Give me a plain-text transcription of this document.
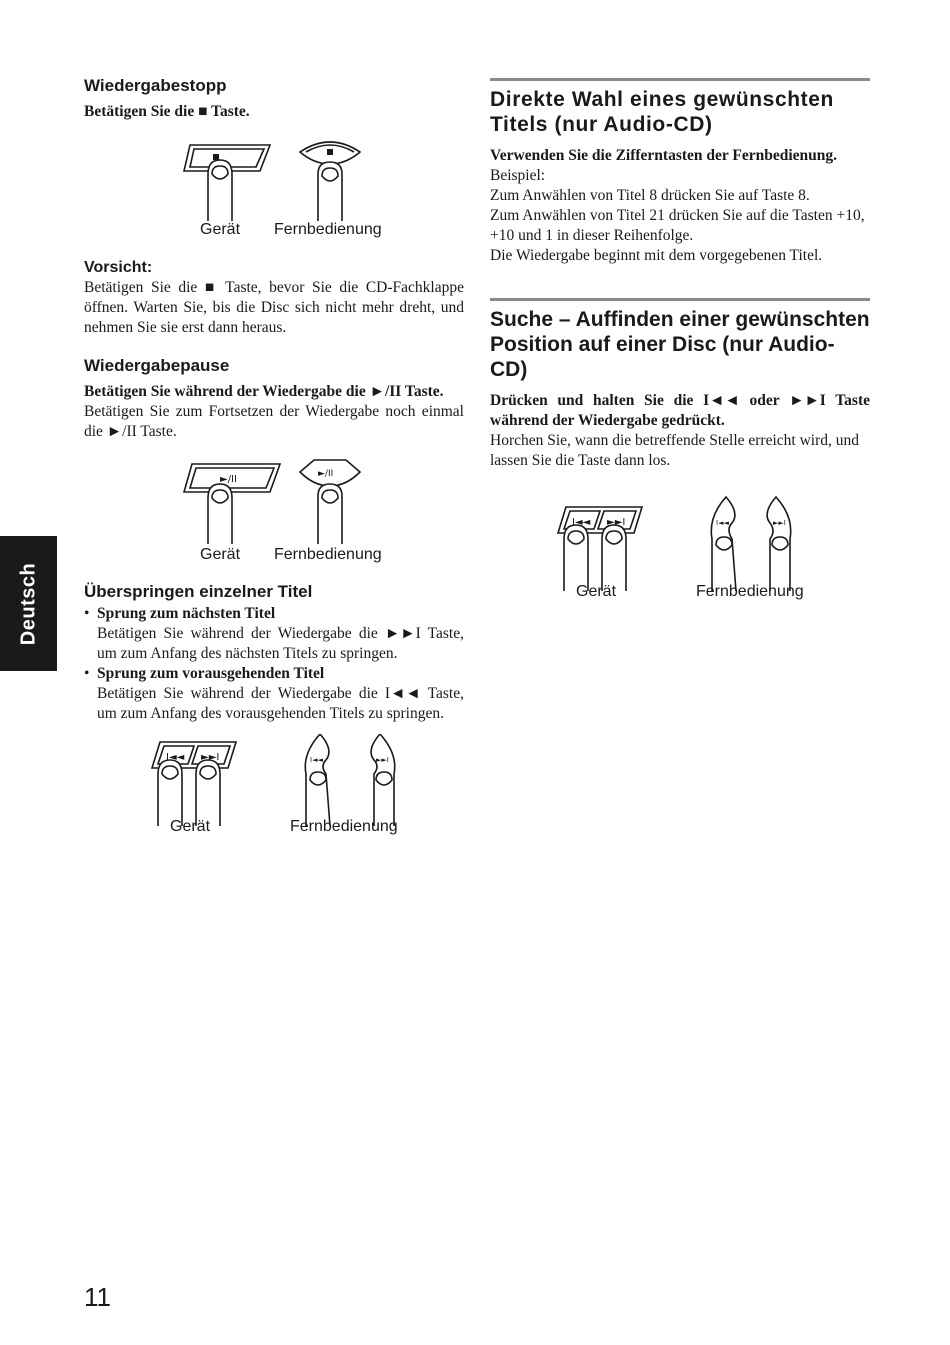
Wiedergabestopp

Betätigen Sie die ■ Taste.

Gerät Fernbedienung
Vorsicht:

Betätigen Sie die ■ Taste, bevor Sie die CD-Fachklappe öffnen. Warten Sie, bis die Disc sich nicht mehr dreht, und nehmen Sie sie erst dann heraus.

Wiedergabepause

Betätigen Sie während der Wiedergabe die ►/II Taste.

Betätigen Sie zum Fortsetzen der Wiedergabe noch einmal die ►/II Taste.

►/II	►/II
Gerät Fernbedienung
Überspringen einzelner Titel
• Sprung zum nächsten Titel

Betätigen Sie während der Wiedergabe die ►►I Taste, um zum Anfang des nächsten Titels zu springen.

• Sprung zum vorausgehenden Titel

Betätigen Sie während der Wiedergabe die I◄◄ Taste, um zum Anfang des vorausgehenden Titels zu springen.

I◄◄ ►►I	I◄◄	►►I
Gerät	Fernbedienung
Direkte Wahl eines gewünschten Titels (nur Audio-CD)

Verwenden Sie die Zifferntasten der Fernbedienung.

Beispiel:

Zum Anwählen von Titel 8 drücken Sie auf Taste 8.

Zum Anwählen von Titel 21 drücken Sie auf die Tasten +10, +10 und 1 in dieser Reihenfolge.

Die Wiedergabe beginnt mit dem vorgegebenen Titel.

Suche – Auffinden einer gewünschten Position auf einer Disc (nur Audio-CD)

Drücken und halten Sie die I◄◄ oder ►►I Taste während der Wiedergabe gedrückt.

Horchen Sie, wann die betreffende Stelle erreicht wird, und lassen Sie die Taste dann los.

I◄◄ ►►I	I◄◄	►►I
Gerät	Fernbedienung
Deutsch
11
